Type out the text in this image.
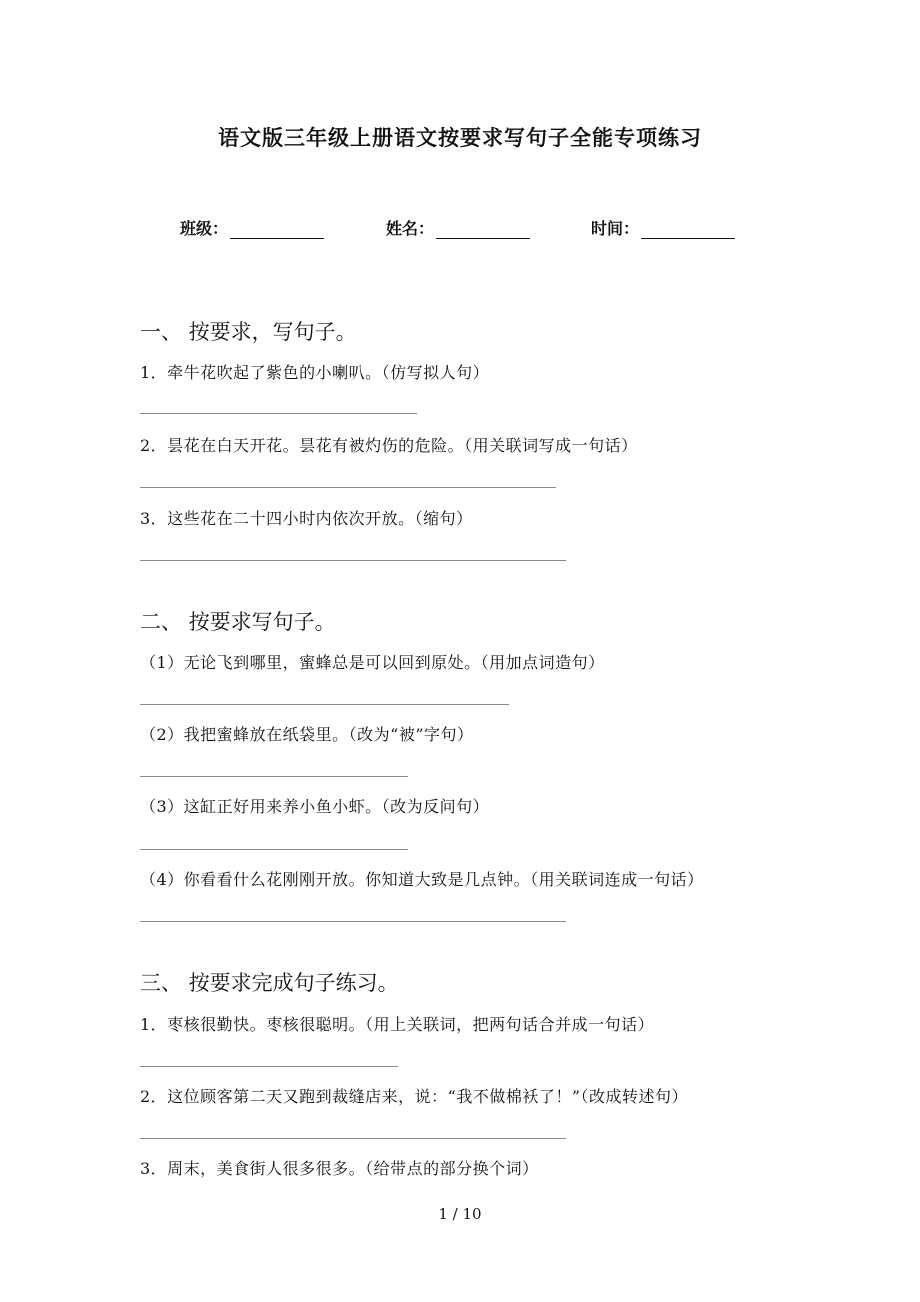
语文版三年级上册语文按要求写句子全能专项练习
班级：	姓名：	时间：
一、 按要求，写句子。
1．牵牛花吹起了紫色的小喇叭。（仿写拟人句）
2．昙花在白天开花。昙花有被灼伤的危险。（用关联词写成一句话）
3．这些花在二十四小时内依次开放。（缩句）
二、 按要求写句子。
（1）无论飞到哪里，蜜蜂总是可以回到原处。（用加点词造句）
（2）我把蜜蜂放在纸袋里。（改为“被”字句）
（3）这缸正好用来养小鱼小虾。（改为反问句）
（4）你看看什么花刚刚开放。你知道大致是几点钟。（用关联词连成一句话）
三、 按要求完成句子练习。
1．枣核很勤快。枣核很聪明。（用上关联词，把两句话合并成一句话）
2．这位顾客第二天又跑到裁缝店来，说：“我不做棉袄了！”（改成转述句）
3．周末，美食街人很多很多。（给带点的部分换个词）
1 / 10
